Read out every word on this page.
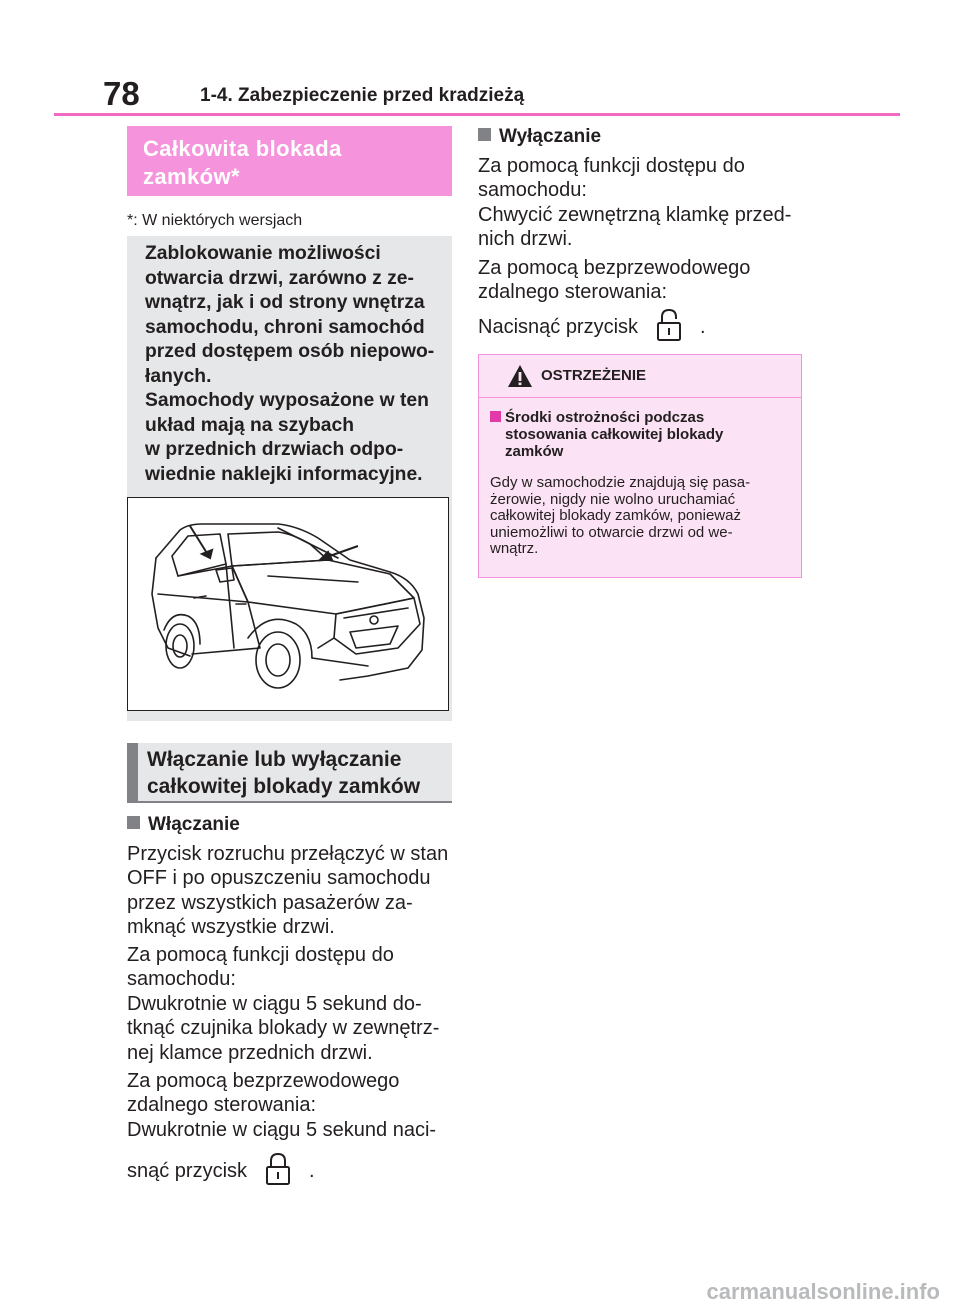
78	1-4. Zabezpieczenie przed kradzieżą
Całkowita blokada
zamków*
*: W niektórych wersjach
Zablokowanie możliwości
otwarcia drzwi, zarówno z ze-
wnątrz, jak i od strony wnętrza
samochodu, chroni samochód
przed dostępem osób niepowo-
łanych.
Samochody wyposażone w ten
układ mają na szybach
w przednich drzwiach odpo-
wiednie naklejki informacyjne.
Włączanie lub wyłączanie
całkowitej blokady zamków
Włączanie
Przycisk rozruchu przełączyć w stan
OFF i po opuszczeniu samochodu
przez wszystkich pasażerów za-
mknąć wszystkie drzwi.
Za pomocą funkcji dostępu do
samochodu:
Dwukrotnie w ciągu 5 sekund do-
tknąć czujnika blokady w zewnętrz-
nej klamce przednich drzwi.
Za pomocą bezprzewodowego
zdalnego sterowania:
Dwukrotnie w ciągu 5 sekund naci-
snąć przycisk	.
Wyłączanie
Za pomocą funkcji dostępu do
samochodu:
Chwycić zewnętrzną klamkę przed-
nich drzwi.
Za pomocą bezprzewodowego
zdalnego sterowania:
Nacisnąć przycisk	.
OSTRZEŻENIE
Środki ostrożności podczas
stosowania całkowitej blokady
zamków
Gdy w samochodzie znajdują się pasa-
żerowie, nigdy nie wolno uruchamiać
całkowitej blokady zamków, ponieważ
uniemożliwi to otwarcie drzwi od we-
wnątrz.
carmanualsonline.info
